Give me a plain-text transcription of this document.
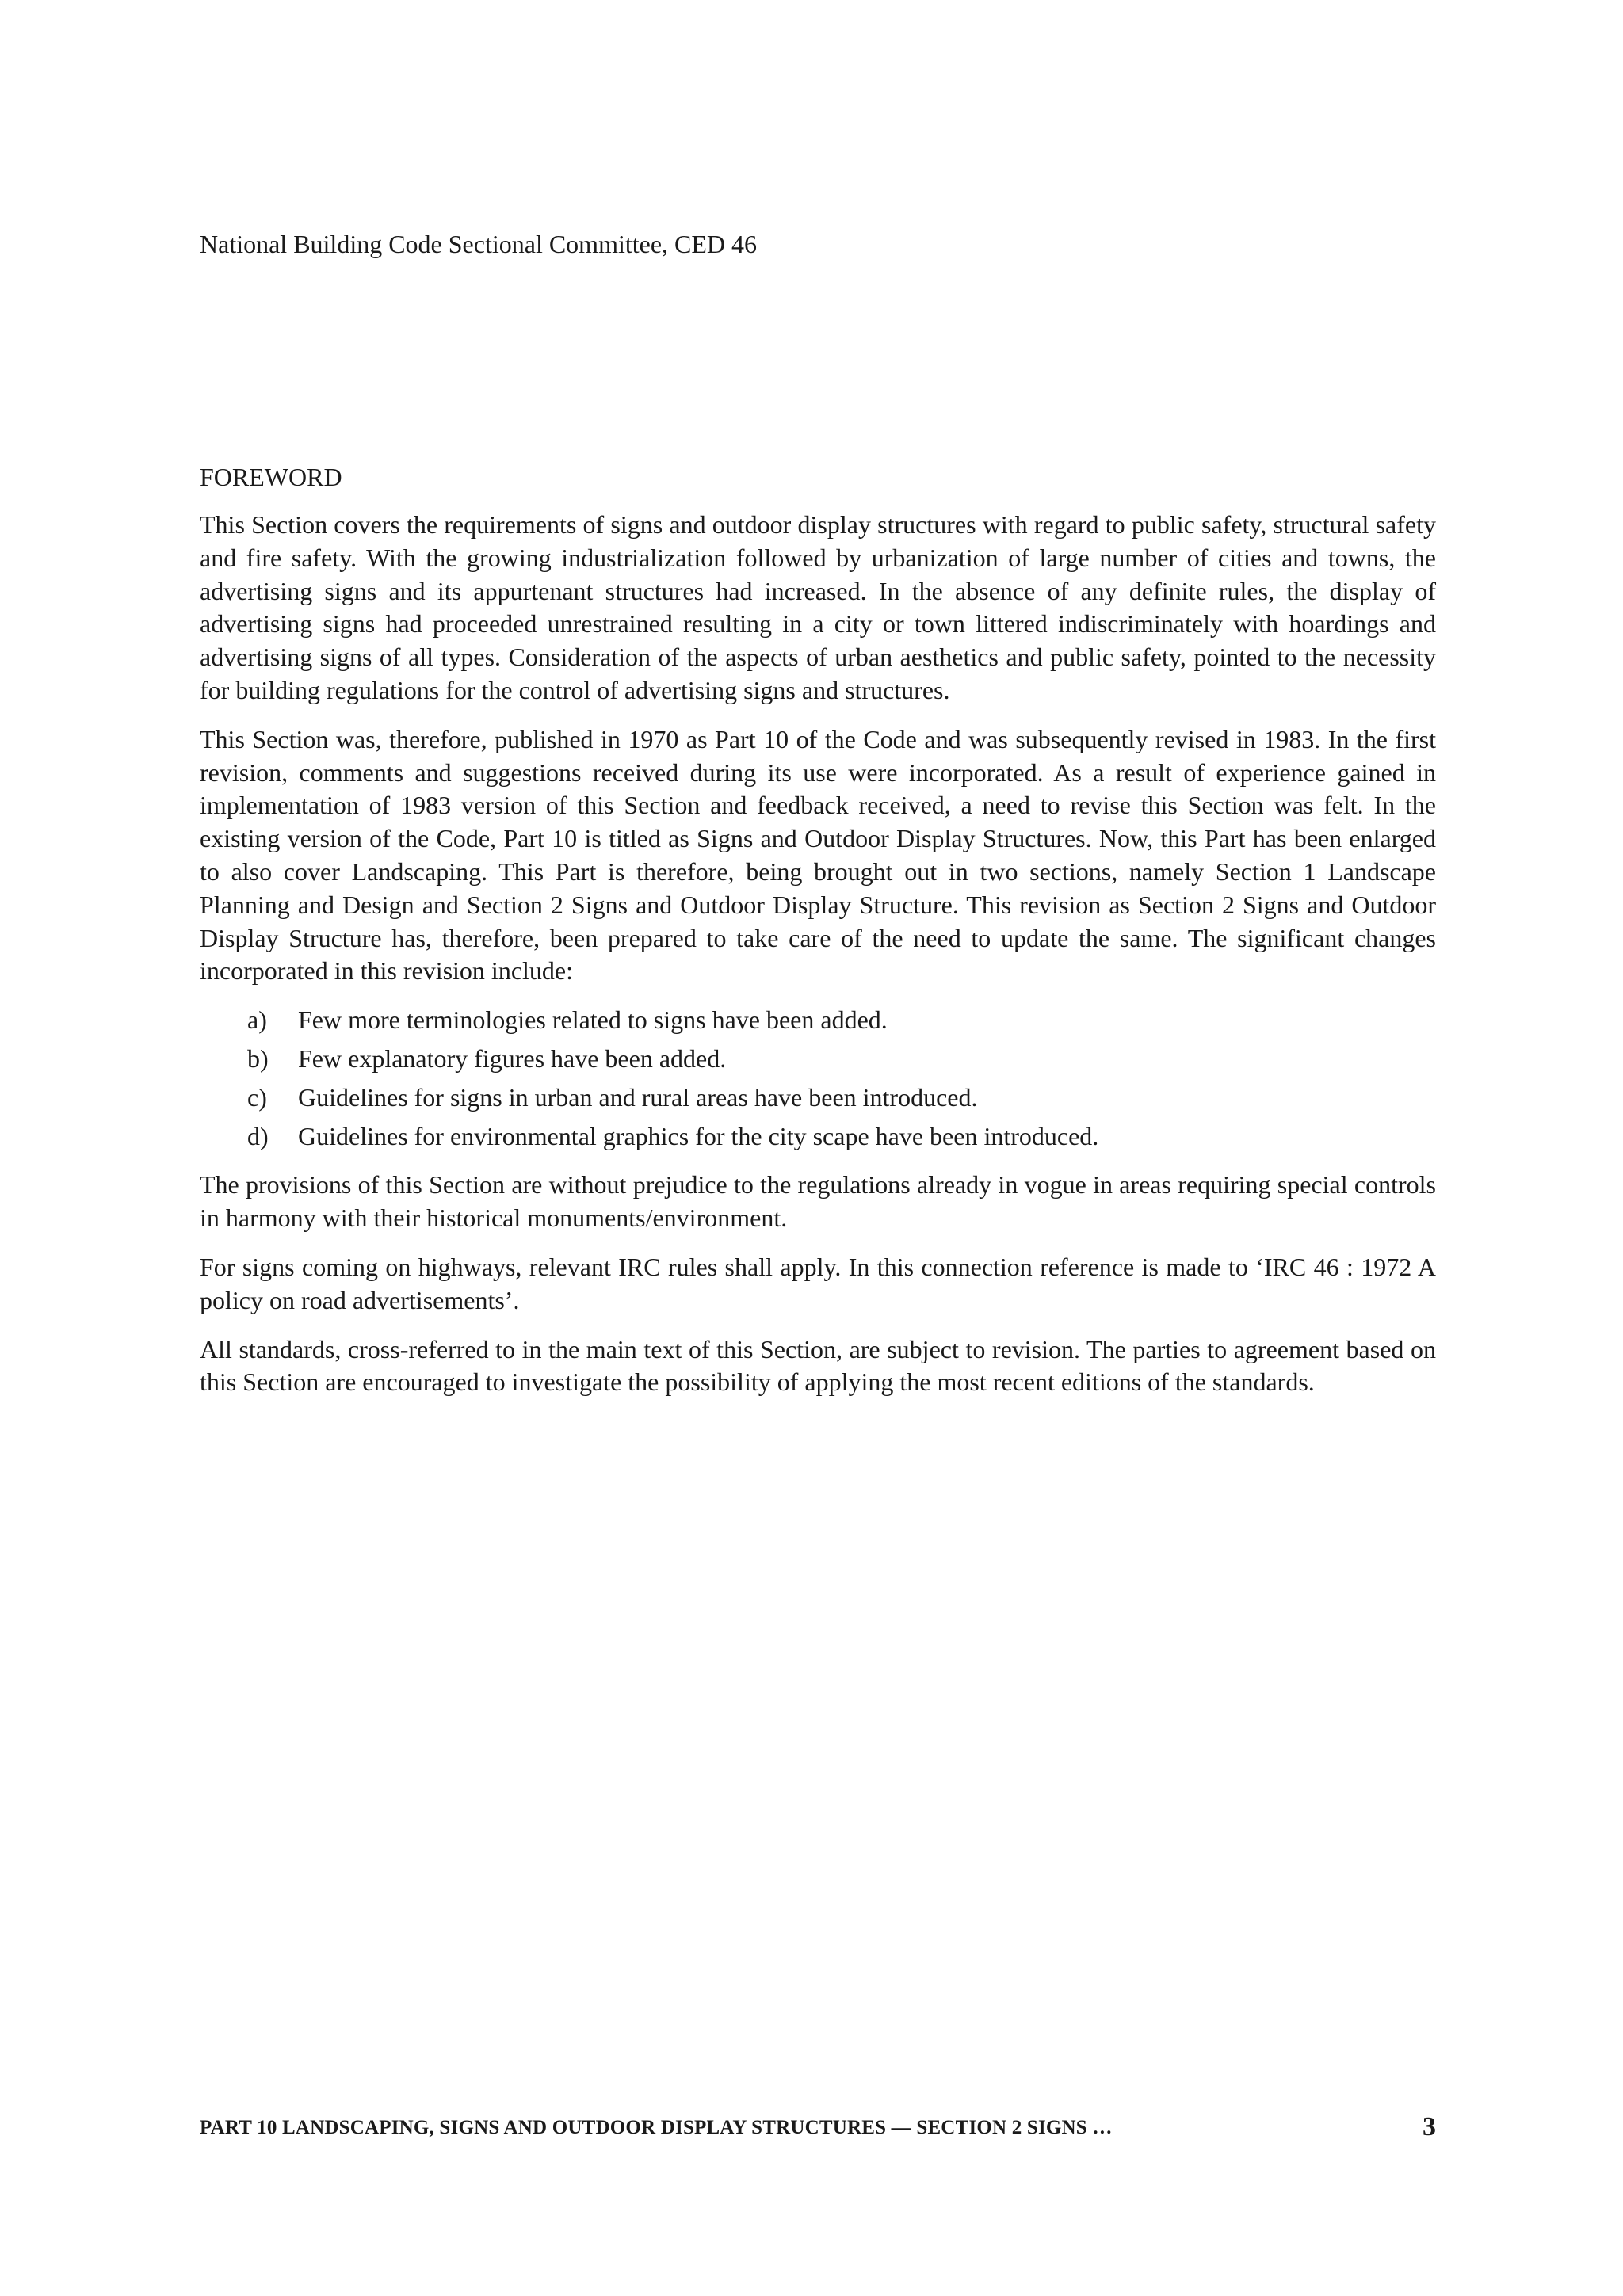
National Building Code Sectional Committee, CED 46

FOREWORD

This Section covers the requirements of signs and outdoor display structures with regard to public safety, structural safety and fire safety. With the growing industrialization followed by urbanization of large number of cities and towns, the advertising signs and its appurtenant structures had increased. In the absence of any definite rules, the display of advertising signs had proceeded unrestrained resulting in a city or town littered indiscriminately with hoardings and advertising signs of all types. Consideration of the aspects of urban aesthetics and public safety, pointed to the necessity for building regulations for the control of advertising signs and structures.

This Section was, therefore, published in 1970 as Part 10 of the Code and was subsequently revised in 1983. In the first revision, comments and suggestions received during its use were incorporated. As a result of experience gained in implementation of 1983 version of this Section and feedback received, a need to revise this Section was felt. In the existing version of the Code, Part 10 is titled as Signs and Outdoor Display Structures. Now, this Part has been enlarged to also cover Landscaping. This Part is therefore, being brought out in two sections, namely Section 1 Landscape Planning and Design and Section 2 Signs and Outdoor Display Structure. This revision as Section 2 Signs and Outdoor Display Structure has, therefore, been prepared to take care of the need to update the same. The significant changes incorporated in this revision include:

a)	Few more terminologies related to signs have been added.
b)	Few explanatory figures have been added.
c)	Guidelines for signs in urban and rural areas have been introduced.
d)	Guidelines for environmental graphics for the city scape have been introduced.

The provisions of this Section are without prejudice to the regulations already in vogue in areas requiring special controls in harmony with their historical monuments/environment.

For signs coming on highways, relevant IRC rules shall apply. In this connection reference is made to ‘IRC 46 : 1972 A policy on road advertisements’.

All standards, cross-referred to in the main text of this Section, are subject to revision. The parties to agreement based on this Section are encouraged to investigate the possibility of applying the most recent editions of the standards.

PART 10 LANDSCAPING, SIGNS AND OUTDOOR DISPLAY STRUCTURES — SECTION 2 SIGNS …	3
